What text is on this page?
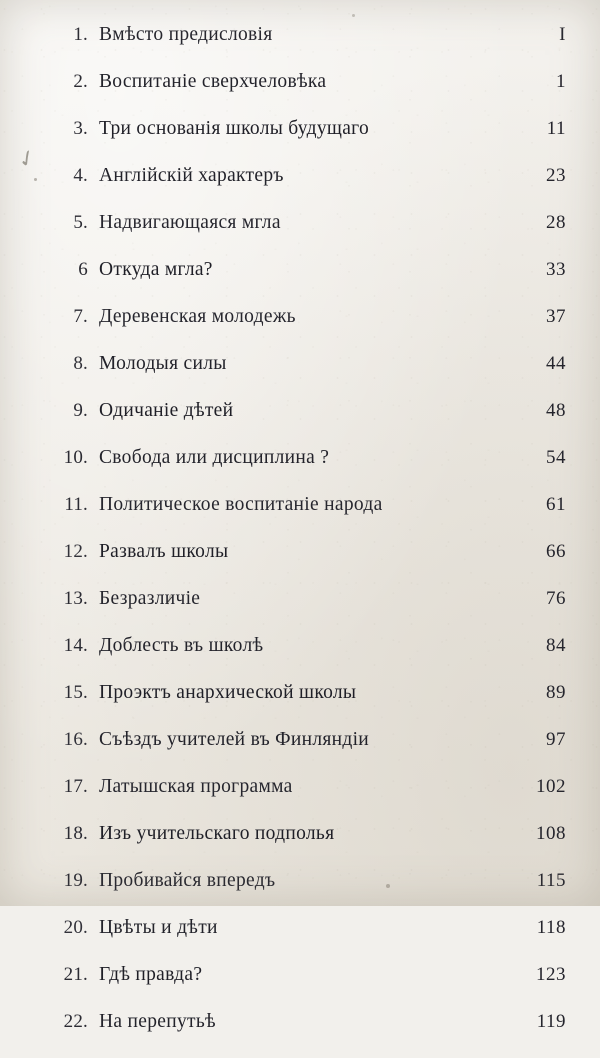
1. Вмѣсто предисловія	I
2. Воспитаніе сверхчеловѣка	1
3. Три основанія школы будущаго	11
4. Англійскій характеръ	23
5. Надвигающаяся мгла	28
6 Откуда мгла?	33
7. Деревенская молодежь	37
8. Молодыя силы	44
9. Одичаніе дѣтей	48
10. Свобода или дисциплина ?	54
11. Политическое воспитаніе народа	61
12. Развалъ школы	66
13. Безразличіе	76
14. Доблесть въ школѣ	84
15. Проэктъ анархической школы	89
16. Съѣздъ учителей въ Финляндіи	97
17. Латышская программа	102
18. Изъ учительскаго подполья	108
19. Пробивайся впередъ	115
20. Цвѣты и дѣти	118
21. Гдѣ правда?	123
22. На перепутьѣ	119
✓
